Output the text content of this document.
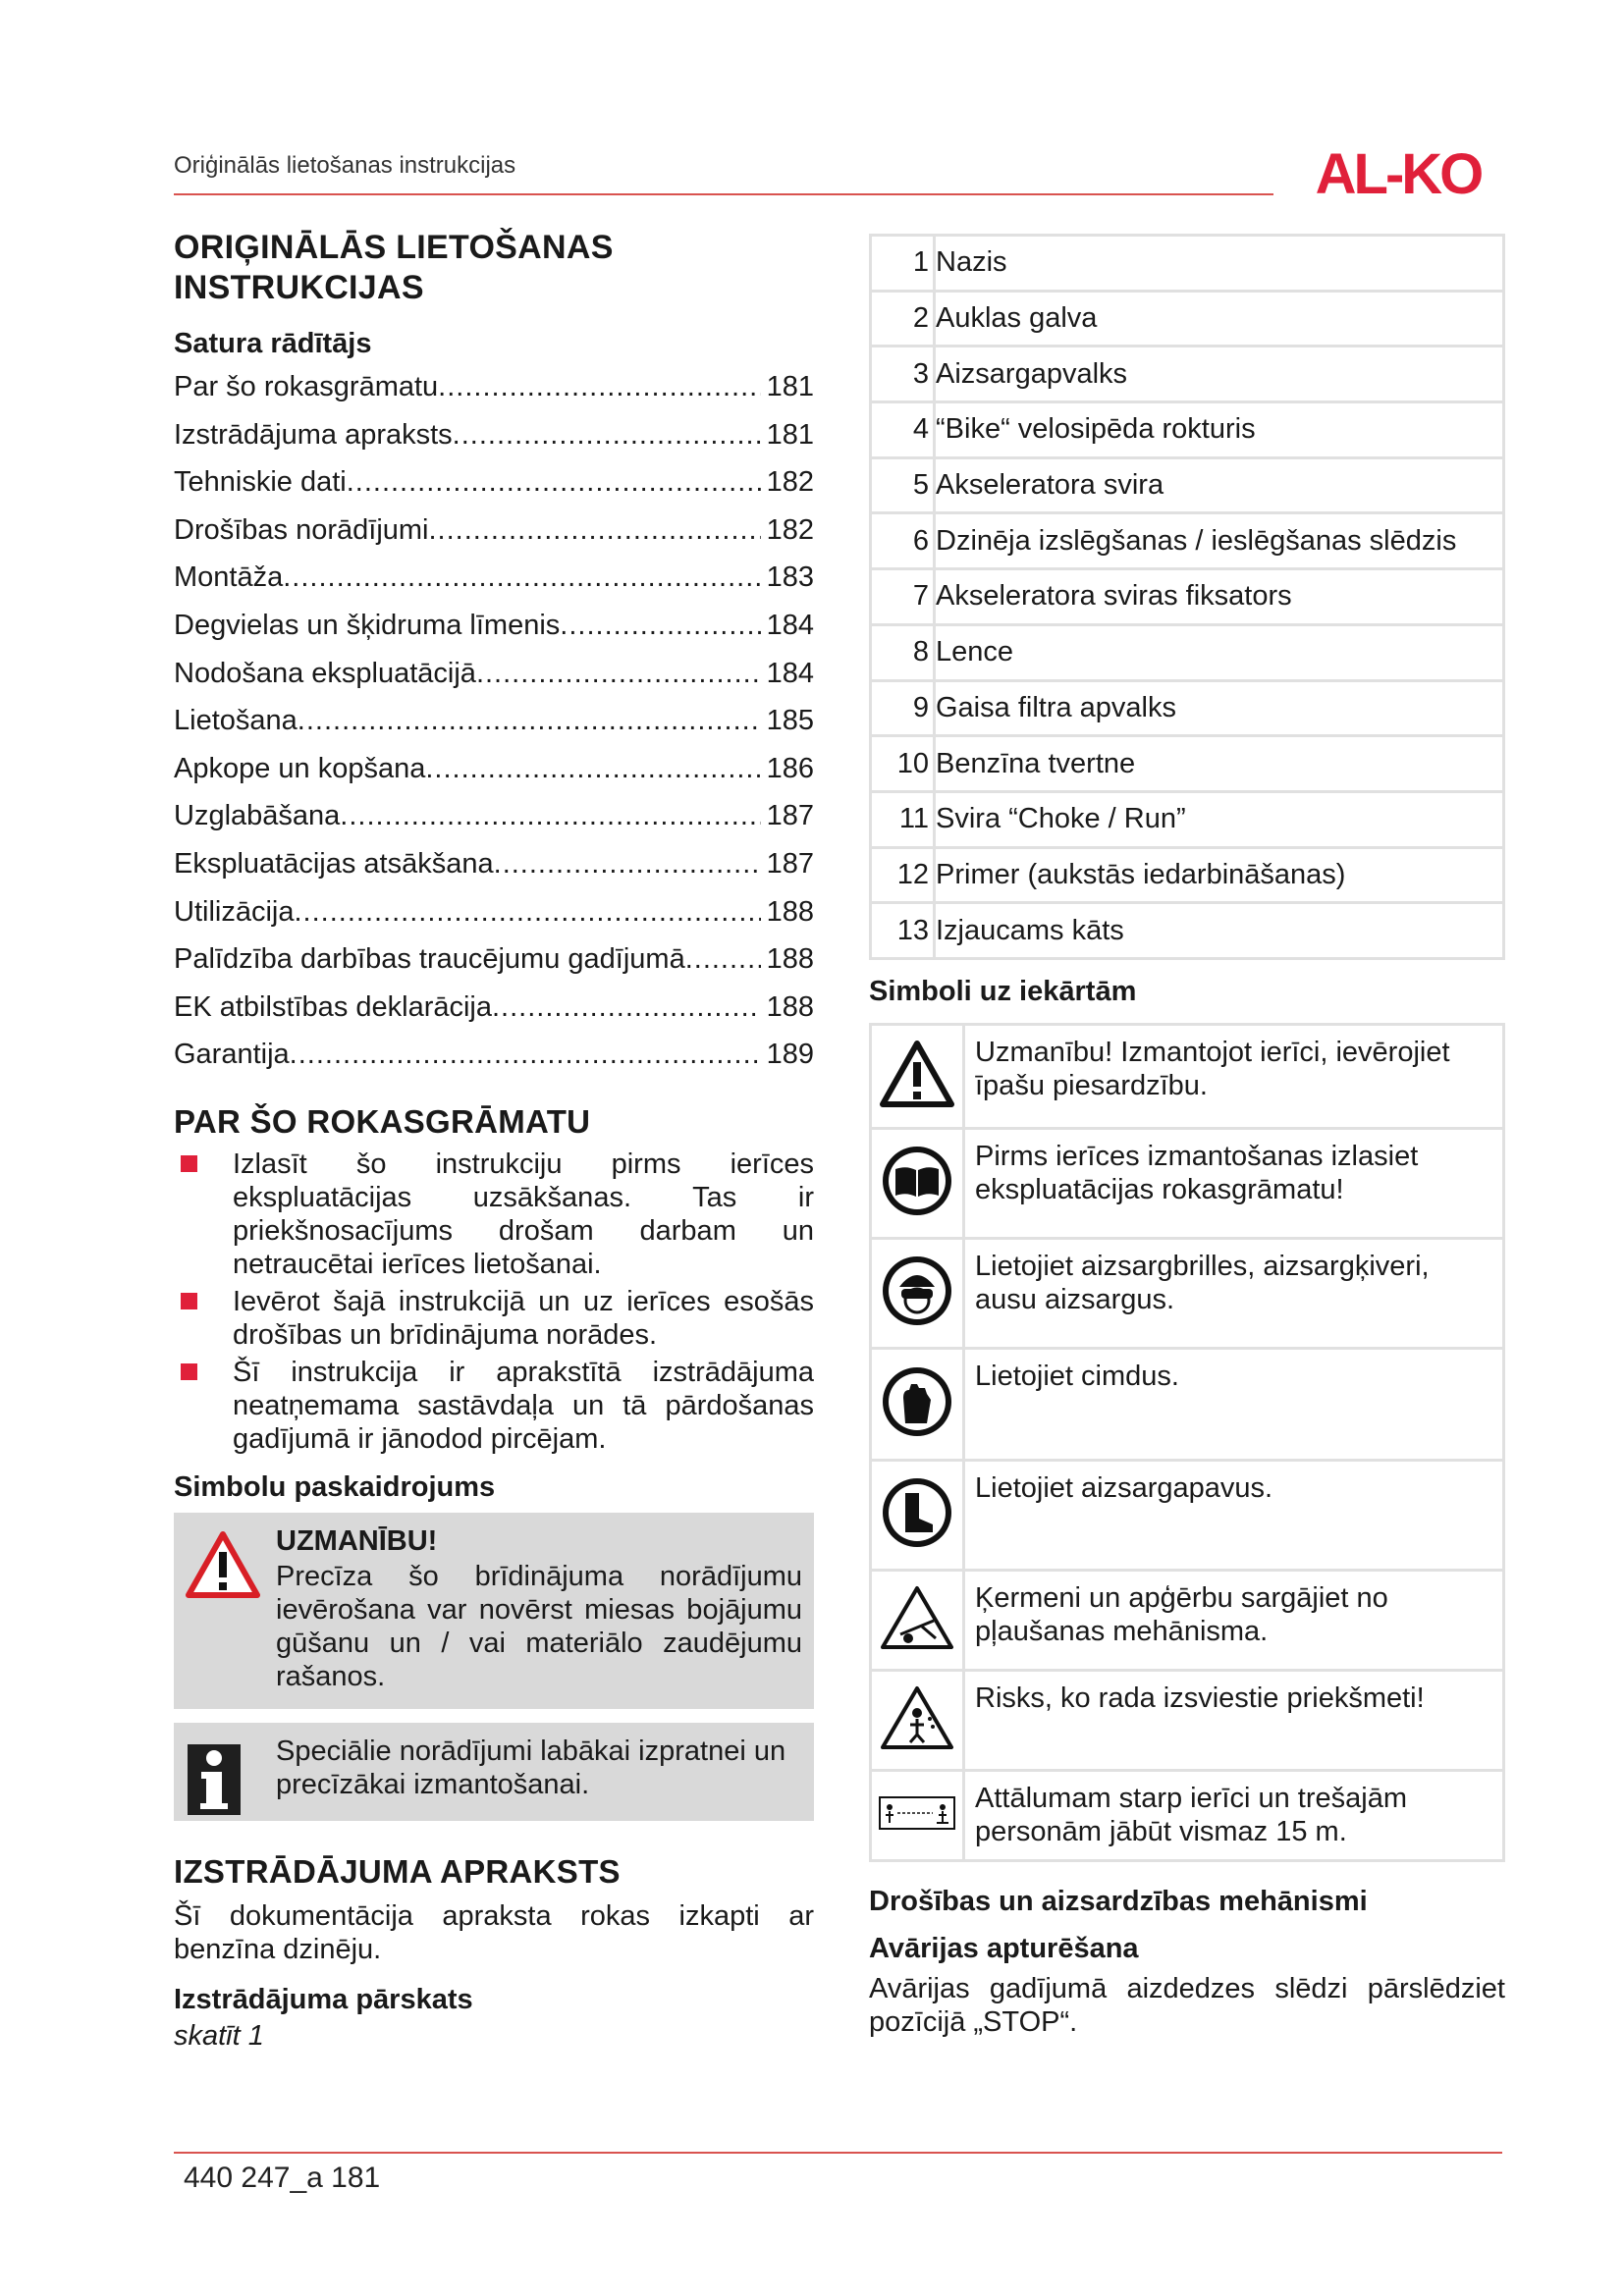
Oriģinālās lietošanas instrukcijas	AL-KO
ORIĢINĀLĀS LIETOŠANAS
INSTRUKCIJAS
Satura rādītājs
Par šo rokasgrāmatu .....	181
Izstrādājuma apraksts .....	181
Tehniskie dati .....	182
Drošības norādījumi .....	182
Montāža .....	183
Degvielas un šķidruma līmenis .....	184
Nodošana ekspluatācijā .....	184
Lietošana .....	185
Apkope un kopšana .....	186
Uzglabāšana .....	187
Ekspluatācijas atsākšana .....	187
Utilizācija .....	188
Palīdzība darbības traucējumu gadījumā .....	188
EK atbilstības deklarācija .....	188
Garantija .....	189
PAR ŠO ROKASGRĀMATU
Izlasīt šo instrukciju pirms ierīces ekspluatācijas uzsākšanas. Tas ir priekšnosacījums drošam darbam un netraucētai ierīces lietošanai.
Ievērot šajā instrukcijā un uz ierīces esošās drošības un brīdinājuma norādes.
Šī instrukcija ir aprakstītā izstrādājuma neatņemama sastāvdaļa un tā pārdošanas gadījumā ir jānodod pircējam.
Simbolu paskaidrojums
UZMANĪBU!
Precīza šo brīdinājuma norādījumu ievērošana var novērst miesas bojājumu gūšanu un / vai materiālo zaudējumu rašanos.
Speciālie norādījumi labākai izpratnei un precīzākai izmantošanai.
IZSTRĀDĀJUMA APRAKSTS

Šī dokumentācija apraksta rokas izkapti ar benzīna dzinēju.

Izstrādājuma pārskats

skatīt 1

1	Nazis
2	Auklas galva
3	Aizsargapvalks
4	“Bike“ velosipēda rokturis
5	Akseleratora svira
6	Dzinēja izslēgšanas / ieslēgšanas slēdzis
7	Akseleratora sviras fiksators
8	Lence
9	Gaisa filtra apvalks
10	Benzīna tvertne
11	Svira “Choke / Run”
12	Primer (aukstās iedarbināšanas)
13	Izjaucams kāts
Simboli uz iekārtām
	Uzmanību! Izmantojot ierīci, ievērojiet īpašu piesardzību.
	Pirms ierīces izmantošanas izlasiet ekspluatācijas rokasgrāmatu!
	Lietojiet aizsargbrilles, aizsargķiveri, ausu aizsargus.
	Lietojiet cimdus.
	Lietojiet aizsargapavus.
	Ķermeni un apģērbu sargājiet no pļaušanas mehānisma.
	Risks, ko rada izsviestie priekšmeti!
	Attālumam starp ierīci un trešajām personām jābūt vismaz 15 m.
Drošības un aizsardzības mehānismi
Avārijas apturēšana

Avārijas gadījumā aizdedzes slēdzi pārslēdziet pozīcijā „STOP“.

440 247_a 181
